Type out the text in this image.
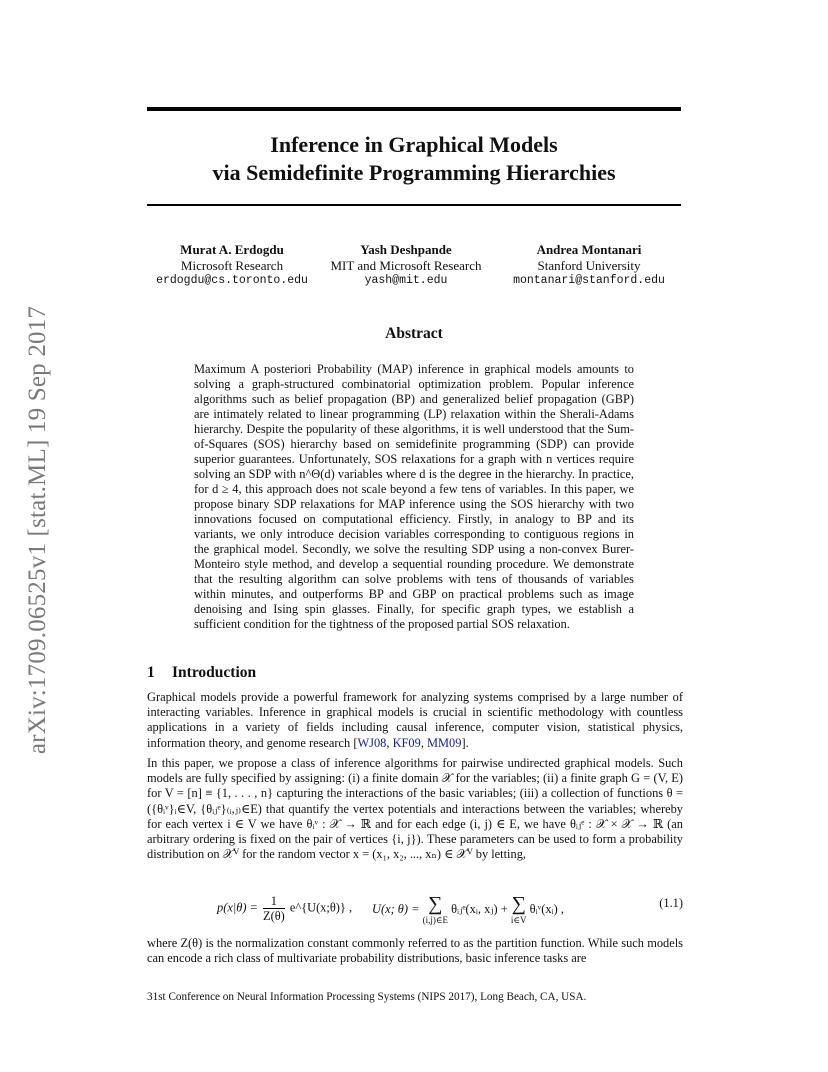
arXiv:1709.06525v1 [stat.ML] 19 Sep 2017
Inference in Graphical Models
via Semidefinite Programming Hierarchies
Murat A. Erdogdu
Microsoft Research
erdogdu@cs.toronto.edu
Yash Deshpande
MIT and Microsoft Research
yash@mit.edu
Andrea Montanari
Stanford University
montanari@stanford.edu
Abstract

Maximum A posteriori Probability (MAP) inference in graphical models amounts to solving a graph-structured combinatorial optimization problem. Popular inference algorithms such as belief propagation (BP) and generalized belief propagation (GBP) are intimately related to linear programming (LP) relaxation within the Sherali-Adams hierarchy. Despite the popularity of these algorithms, it is well understood that the Sum-of-Squares (SOS) hierarchy based on semidefinite programming (SDP) can provide superior guarantees. Unfortunately, SOS relaxations for a graph with n vertices require solving an SDP with n^Θ(d) variables where d is the degree in the hierarchy. In practice, for d ≥ 4, this approach does not scale beyond a few tens of variables. In this paper, we propose binary SDP relaxations for MAP inference using the SOS hierarchy with two innovations focused on computational efficiency. Firstly, in analogy to BP and its variants, we only introduce decision variables corresponding to contiguous regions in the graphical model. Secondly, we solve the resulting SDP using a non-convex Burer-Monteiro style method, and develop a sequential rounding procedure. We demonstrate that the resulting algorithm can solve problems with tens of thousands of variables within minutes, and outperforms BP and GBP on practical problems such as image denoising and Ising spin glasses. Finally, for specific graph types, we establish a sufficient condition for the tightness of the proposed partial SOS relaxation.

1 Introduction

Graphical models provide a powerful framework for analyzing systems comprised by a large number of interacting variables. Inference in graphical models is crucial in scientific methodology with countless applications in a variety of fields including causal inference, computer vision, statistical physics, information theory, and genome research [WJ08, KF09, MM09].

In this paper, we propose a class of inference algorithms for pairwise undirected graphical models. Such models are fully specified by assigning: (i) a finite domain 𝒳 for the variables; (ii) a finite graph G = (V, E) for V = [n] ≡ {1, . . . , n} capturing the interactions of the basic variables; (iii) a collection of functions θ = ({θᵢᵛ}ᵢ∈V, {θᵢⱼᵉ}₍ᵢ,ⱼ₎∈E) that quantify the vertex potentials and interactions between the variables; whereby for each vertex i ∈ V we have θᵢᵛ : 𝒳 → ℝ and for each edge (i, j) ∈ E, we have θᵢⱼᵉ : 𝒳 × 𝒳 → ℝ (an arbitrary ordering is fixed on the pair of vertices {i, j}). These parameters can be used to form a probability distribution on 𝒳ⱽ for the random vector x = (x₁, x₂, ..., xₙ) ∈ 𝒳ⱽ by letting,

$p(x|\theta) = \frac{1}{Z(\theta)}$ e^{U(x;θ)} , U(x; θ) = ∑
(i,j)∈E
θᵢⱼᵉ(xᵢ, xⱼ) + ∑
i∈V
θᵢᵛ(xᵢ) ,	(1.1)

where Z(θ) is the normalization constant commonly referred to as the partition function. While such models can encode a rich class of multivariate probability distributions, basic inference tasks are

31st Conference on Neural Information Processing Systems (NIPS 2017), Long Beach, CA, USA.
